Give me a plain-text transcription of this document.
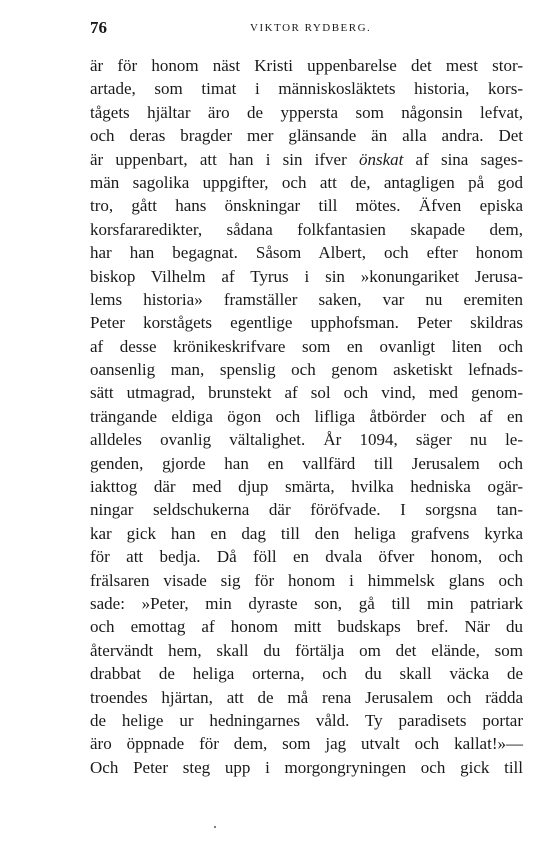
76	VIKTOR RYDBERG.
är för honom näst Kristi uppenbarelse det mest stor-
artade, som timat i människosläktets historia, kors-
tågets hjältar äro de yppersta som någonsin lefvat,
och deras bragder mer glänsande än alla andra. Det
är uppenbart, att han i sin ifver önskat af sina sages-
män sagolika uppgifter, och att de, antagligen på god
tro, gått hans önskningar till mötes. Äfven episka
korsfararedikter, sådana folkfantasien skapade dem,
har han begagnat. Såsom Albert, och efter honom
biskop Vilhelm af Tyrus i sin »konungariket Jerusa-
lems historia» framställer saken, var nu eremiten
Peter korstågets egentlige upphofsman. Peter skildras
af desse krönikeskrifvare som en ovanligt liten och
oansenlig man, spenslig och genom asketiskt lefnads-
sätt utmagrad, brunstekt af sol och vind, med genom-
trängande eldiga ögon och lifliga åtbörder och af en
alldeles ovanlig vältalighet. År 1094, säger nu le-
genden, gjorde han en vallfärd till Jerusalem och
iakttog där med djup smärta, hvilka hedniska ogär-
ningar seldschukerna där föröfvade. I sorgsna tan-
kar gick han en dag till den heliga grafvens kyrka
för att bedja. Då föll en dvala öfver honom, och
frälsaren visade sig för honom i himmelsk glans och
sade: »Peter, min dyraste son, gå till min patriark
och emottag af honom mitt budskaps bref. När du
återvändt hem, skall du förtälja om det elände, som
drabbat de heliga orterna, och du skall väcka de
troendes hjärtan, att de må rena Jerusalem och rädda
de helige ur hedningarnes våld. Ty paradisets portar
äro öppnade för dem, som jag utvalt och kallat!»—
Och Peter steg upp i morgongryningen och gick till
